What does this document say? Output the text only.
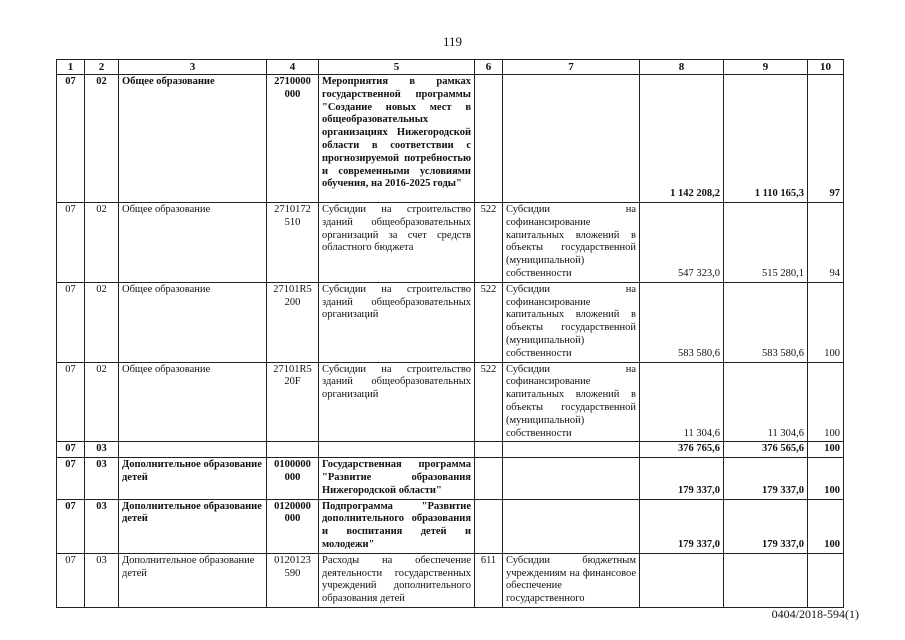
119
1	2	3	4	5	6	7	8	9	10
07	02	Общее образование	2710000 000	Мероприятия в рамках государственной программы "Создание новых мест в общеобразовательных организациях Нижегородской области в соответствии с прогнозируемой потребностью и современными условиями обучения, на 2016-2025 годы"			1 142 208,2	1 110 165,3	97
07	02	Общее образование	2710172 510	Субсидии на строительство зданий общеобразовательных организаций за счет средств областного бюджета	522	Субсидии на софинансирование капитальных вложений в объекты государственной (муниципальной) собственности	547 323,0	515 280,1	94
07	02	Общее образование	27101R5 200	Субсидии на строительство зданий общеобразовательных организаций	522	Субсидии на софинансирование капитальных вложений в объекты государственной (муниципальной) собственности	583 580,6	583 580,6	100
07	02	Общее образование	27101R5 20F	Субсидии на строительство зданий общеобразовательных организаций	522	Субсидии на софинансирование капитальных вложений в объекты государственной (муниципальной) собственности	11 304,6	11 304,6	100
07	03						376 765,6	376 565,6	100
07	03	Дополнительное образование детей	0100000 000	Государственная программа "Развитие образования Нижегородской области"			179 337,0	179 337,0	100
07	03	Дополнительное образование детей	0120000 000	Подпрограмма "Развитие дополнительного образования и воспитания детей и молодежи"			179 337,0	179 337,0	100
07	03	Дополнительное образование детей	0120123 590	Расходы на обеспечение деятельности государственных учреждений дополнительного образования детей	611	Субсидии бюджетным учреждениям на финансовое обеспечение государственного			
0404/2018-594(1)
